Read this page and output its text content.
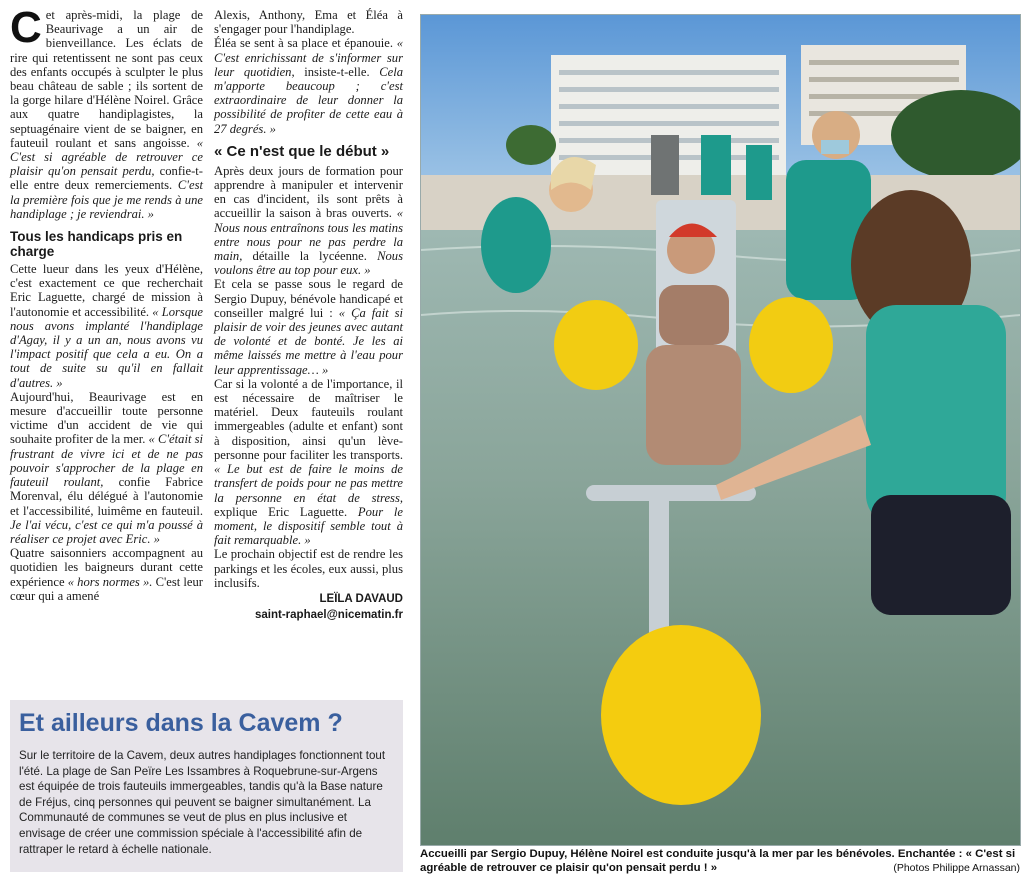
Cet après-midi, la plage de Beaurivage a un air de bienveillance. Les éclats de rire qui retentissent ne sont pas ceux des enfants occupés à sculpter le plus beau château de sable ; ils sortent de la gorge hilare d'Hélène Noirel. Grâce aux quatre handiplagistes, la septuagénaire vient de se baigner, en fauteuil roulant et sans angoisse. « C'est si agréable de retrouver ce plaisir qu'on pensait perdu, confie-t-elle entre deux remerciements. C'est la première fois que je me rends à une handiplage ; je reviendrai. »

Tous les handicaps pris en charge

Cette lueur dans les yeux d'Hélène, c'est exactement ce que recherchait Eric Laguette, chargé de mission à l'autonomie et accessibilité. « Lorsque nous avons implanté l'handiplage d'Agay, il y a un an, nous avons vu l'impact positif que cela a eu. On a tout de suite su qu'il en fallait d'autres. »

Aujourd'hui, Beaurivage est en mesure d'accueillir toute personne victime d'un accident de vie qui souhaite profiter de la mer. « C'était si frustrant de vivre ici et de ne pas pouvoir s'approcher de la plage en fauteuil roulant, confie Fabrice Morenval, élu délégué à l'autonomie et l'accessibilité, luimême en fauteuil. Je l'ai vécu, c'est ce qui m'a poussé à réaliser ce projet avec Eric. »

Quatre saisonniers accompagnent au quotidien les baigneurs durant cette expérience « hors normes ». C'est leur cœur qui a amené

Alexis, Anthony, Ema et Éléa à s'engager pour l'handiplage.

Éléa se sent à sa place et épanouie. « C'est enrichissant de s'informer sur leur quotidien, insiste-t-elle. Cela m'apporte beaucoup ; c'est extraordinaire de leur donner la possibilité de profiter de cette eau à 27 degrés. »

« Ce n'est que le début »

Après deux jours de formation pour apprendre à manipuler et intervenir en cas d'incident, ils sont prêts à accueillir la saison à bras ouverts. « Nous nous entraînons tous les matins entre nous pour ne pas perdre la main, détaille la lycéenne. Nous voulons être au top pour eux. »

Et cela se passe sous le regard de Sergio Dupuy, bénévole handicapé et conseiller malgré lui : « Ça fait si plaisir de voir des jeunes avec autant de volonté et de bonté. Je les ai même laissés me mettre à l'eau pour leur apprentissage… »

Car si la volonté a de l'importance, il est nécessaire de maîtriser le matériel. Deux fauteuils roulant immergeables (adulte et enfant) sont à disposition, ainsi qu'un lève-personne pour faciliter les transports. « Le but est de faire le moins de transfert de poids pour ne pas mettre la personne en état de stress, explique Eric Laguette. Pour le moment, le dispositif semble tout à fait remarquable. »

Le prochain objectif est de rendre les parkings et les écoles, eux aussi, plus inclusifs.

LEÏLA DAVAUD
saint-raphael@nicematin.fr
Et ailleurs dans la Cavem ?
Sur le territoire de la Cavem, deux autres handiplages fonctionnent tout l'été. La plage de San Peïre Les Issambres à Roquebrune-sur-Argens est équipée de trois fauteuils immergeables, tandis qu'à la Base nature de Fréjus, cinq personnes qui peuvent se baigner simultanément. La Communauté de communes se veut de plus en plus inclusive et envisage de créer une commission spéciale à l'accessibilité afin de rattraper le retard à échelle nationale.	Accueilli par Sergio Dupuy, Hélène Noirel est conduite jusqu'à la mer par les bénévoles. Enchantée : « C'est si agréable de retrouver ce plaisir qu'on pensait perdu ! »	(Photos Philippe Arnassan)
